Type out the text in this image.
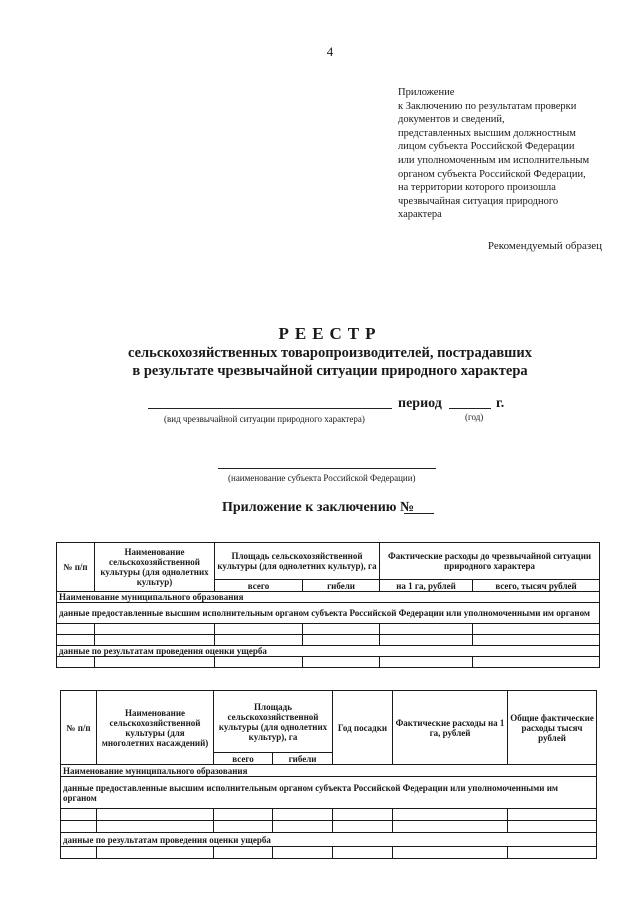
4
Приложение
к Заключению по результатам проверки
документов и сведений,
представленных высшим должностным
лицом субъекта Российской Федерации
или уполномоченным им исполнительным
органом субъекта Российской Федерации,
на территории которого произошла
чрезвычайная ситуация природного
характера
Рекомендуемый образец
РЕЕСТР
сельскохозяйственных товаропроизводителей, пострадавших
в результате чрезвычайной ситуации природного характера
период	г.
(вид чрезвычайной ситуации природного характера)	(год)
(наименование субъекта Российской Федерации)
Приложение к заключению №
№ п/п	Наименование сельскохозяйственной культуры (для однолетних культур)	Площадь сельскохозяйственной культуры (для однолетних культур), га		Фактические расходы до чрезвычайной ситуации природного характера	
		всего	гибели	на 1 га, рублей	всего, тысяч рублей
Наименование муниципального образования					
данные предоставленные высшим исполнительным органом субъекта Российской Федерации или уполномоченными им органом					

данные по результатам проведения оценки ущерба					

№ п/п	Наименование сельскохозяйственной культуры (для многолетних насаждений)	Площадь сельскохозяйственной культуры (для однолетних культур), га		Год посадки	Фактические расходы на 1 га, рублей	Общие фактические расходы тысяч рублей
		всего	гибели			
Наименование муниципального образования						
данные предоставленные высшим исполнительным органом субъекта Российской Федерации или уполномоченными им органом						

данные по результатам проведения оценки ущерба						
